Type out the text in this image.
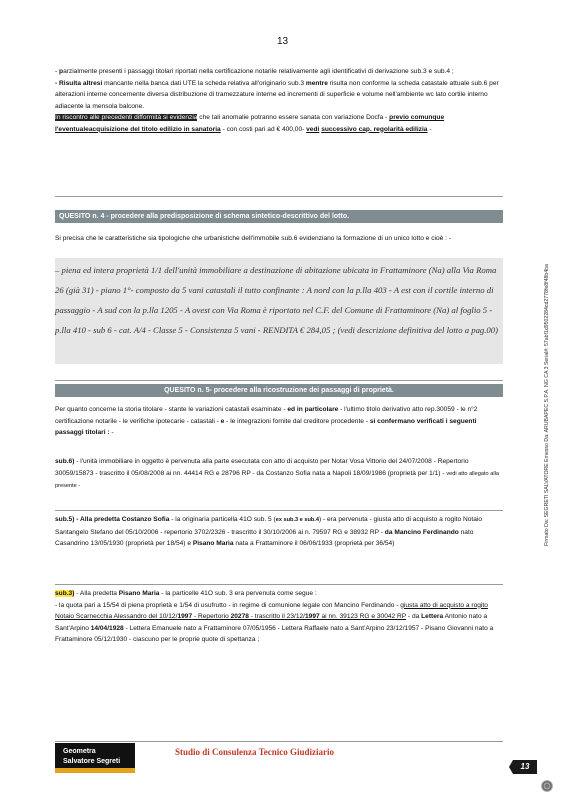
13
- parzialmente presenti i passaggi titolari riportati nella certificazione notarile relativamente agli identificativi di derivazione sub.3 e sub.4 ;
- Risulta altresi mancante nella banca dati UTE la scheda relativa all'originario sub.3 mentre risulta non conforme la scheda catastale attuale sub.6 per alterazioni interne concernente diversa distribuzione di tramezzature interne ed incrementi di superficie e volume nell'ambiente wc lato cortile interno adiacente la mensola balcone.
In riscontro alle precedenti difformità si evidenzia che tali anomalie potranno essere sanata con variazione Docfa - previo comunque l'eventualeacquisizione del titolo edilizio in sanatoria - con costi pari ad € 400,00- vedi successivo cap. regolarità edilizia -
QUESITO n. 4 - procedere alla predisposizione di schema sintetico-descrittivo del lotto.
Si precisa che le caratteristiche sia tipologiche che urbanistiche dell'immobile sub.6 evidenziano la formazione di un unico lotto e cioè : -
– piena ed intera proprietà 1/1 dell'unità immobiliare a destinazione di abitazione ubicata in Frattaminore (Na) alla Via Roma 26 (già 31) - piano 1°- composto da 5 vani catastali il tutto confinante : A nord con la p.lla 403 - A est con il cortile interno di passaggio - A sud con la p.lla 1205 - A ovest con Via Roma è riportato nel C.F. del Comune di Frattaminore (Na) al foglio 5 - p.lla 410 - sub 6 - cat. A/4 - Classe 5 - Consistenza 5 vani - RENDITA € 284,05 ; (vedi descrizione definitiva del lotto a pag.00)
QUESITO n. 5- procedere alla ricostruzione dei passaggi di proprietà.
Per quanto concerne la storia titolare - stante le variazioni catastali esaminate - ed in particolare - l'ultimo titolo derivativo atto rep.30059 - le n°2 certificazione notarile - le verifiche ipotecarie - catastali - e - le integrazioni fornite dal creditore procedente - si confermano verificati i seguenti passaggi titolari : -
sub.6) - l'unità immobiliare in oggetto è pervenuta alla parte esecutata con atto di acquisto per Notar Vosa Vittorio del 24/07/2008 - Repertorio 30059/15873 - trascritto il 05/08/2008 ai nn. 44414 RG e 28796 RP - da Costanzo Sofia nata a Napoli 18/09/1986 (proprietà per 1/1) - vedi atto allegato alla presente -
sub.5) - Alla predetta Costanzo Sofia - la originaria particella 41O sub. 5 (ex sub.3 e sub.4) - era pervenuta - giusta atto di acquisto a rogito Notaio Santangelo Stefano del 05/10/2006 - repertorio 3702/2326 - trascritto il 30/10/2006 ai n. 79597 RG e 38932 RP - da Mancino Ferdinando nato Casandrino 13/05/1930 (proprietà per 18/54) e Pisano Maria nata a Frattaminore il 06/06/1933 (proprietà per 36/54)
sub.3) - Alla predetta Pisano Maria - la particelle 41O sub. 3 era pervenuta come segue :
- la quota pari a 15/54 di piena proprietà e 1/54 di usufrutto - in regime di comunione legale con Mancino Ferdinando - giusta atto di acquisto a rogito Notaio Scarnecchia Alessandro del 10/12/1997 - Repertorio 20278 - trascritto il 23/12/1997 ai nn. 39123 RG e 30042 RP - da Lettera Antonio nato a Sant'Arpino 14/04/1928 - Lettera Emanuele nato a Frattaminore 07/05/1956 - Lettera Raffaele nato a Sant'Arpino 23/12/1957 - Pisano Giovanni nato a Frattaminore 05/12/1930 - ciascuno per le proprie quote di spettanza ;
Geometra
Salvatore Segreti
Studio di Consulenza Tecnico Giudiziario
13
Firmato Da: SEGRETI SALVATORE Emesso Da: ARUBAPEC S.P.A. NG CA 3 Serial#: 57abf1d9502284cd2778fe8f48b4ba
